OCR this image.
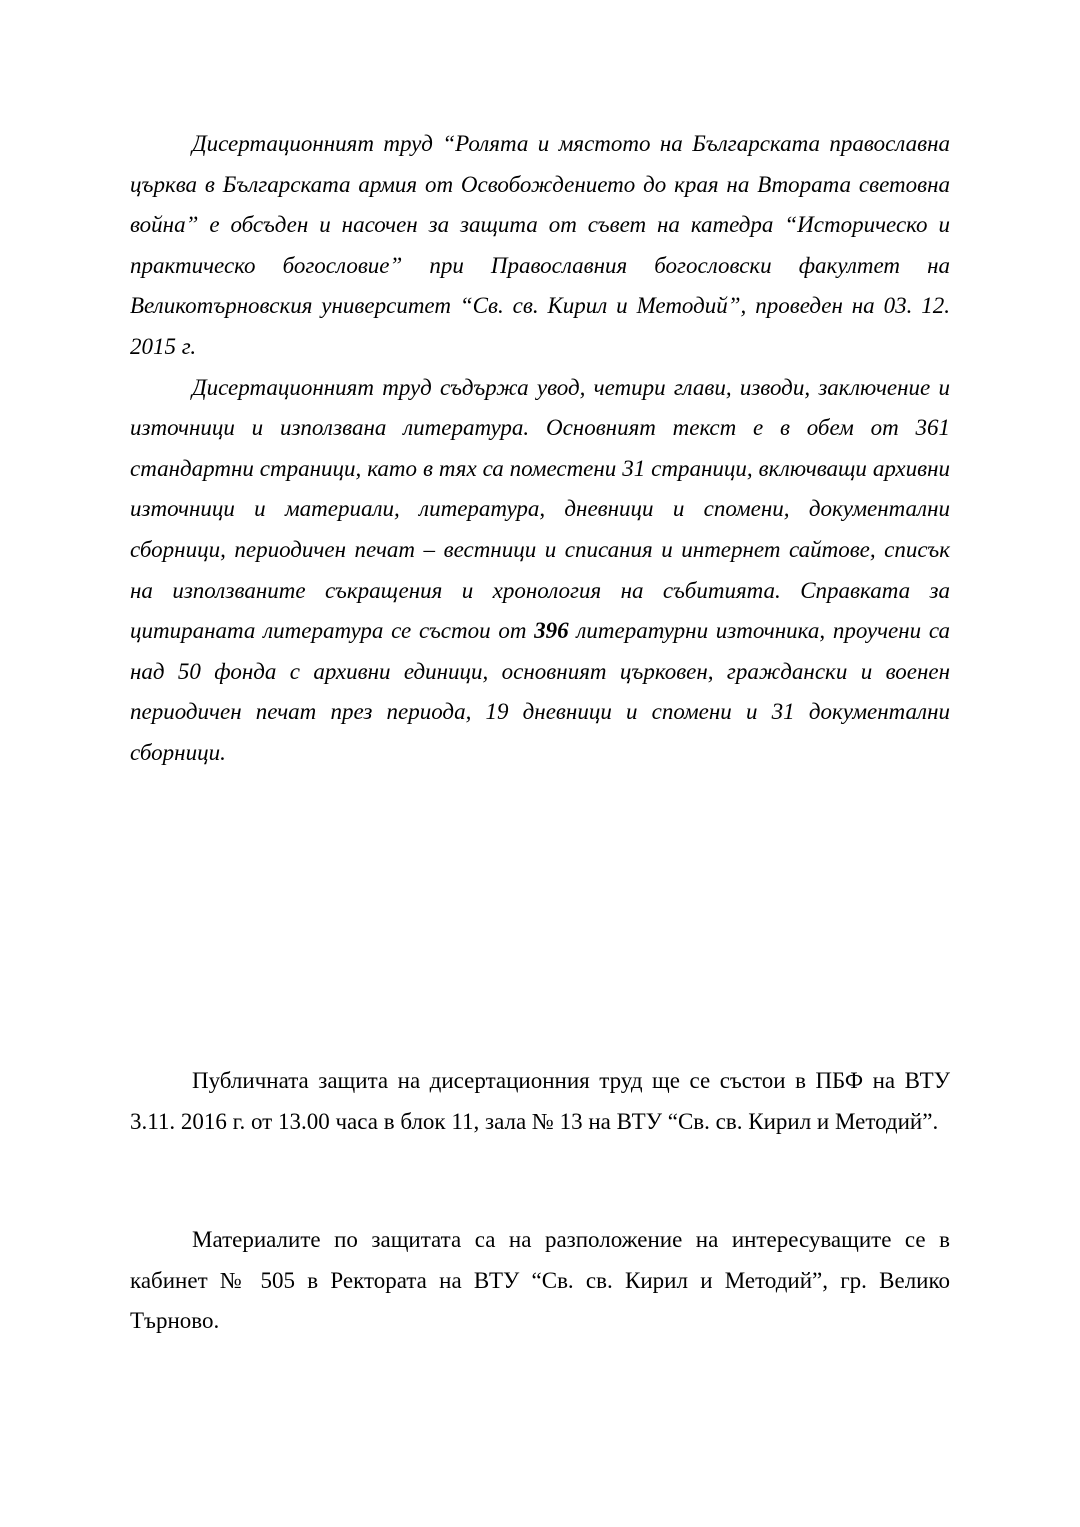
Дисертационният труд “Ролята и мястото на Българската православна църква в Българската армия от Освобождението до края на Втората световна война” е обсъден и насочен за защита от съвет на катедра “Историческо и практическо богословие” при Православния богословски факултет на Великотърновския университет “Св. св. Кирил и Методий”, проведен на 03. 12. 2015 г.

Дисертационният труд съдържа увод, четири глави, изводи, заключение и източници и използвана литература. Основният текст е в обем от 361 стандартни страници, като в тях са поместени 31 страници, включващи архивни източници и материали, литература, дневници и спомени, документални сборници, периодичен печат – вестници и списания и интернет сайтове, списък на използваните съкращения и хронология на събитията. Справката за цитираната литература се състои от 396 литературни източника, проучени са над 50 фонда с архивни единици, основният църковен, граждански и военен периодичен печат през периода, 19 дневници и спомени и 31 документални сборници.

Публичната защита на дисертационния труд ще се състои в ПБФ на ВТУ 3.11. 2016 г. от 13.00 часа в блок 11, зала № 13 на ВТУ “Св. св. Кирил и Методий”.

Материалите по защитата са на разположение на интересуващите се в кабинет № 505 в Ректората на ВТУ “Св. св. Кирил и Методий”, гр. Велико Търново.
